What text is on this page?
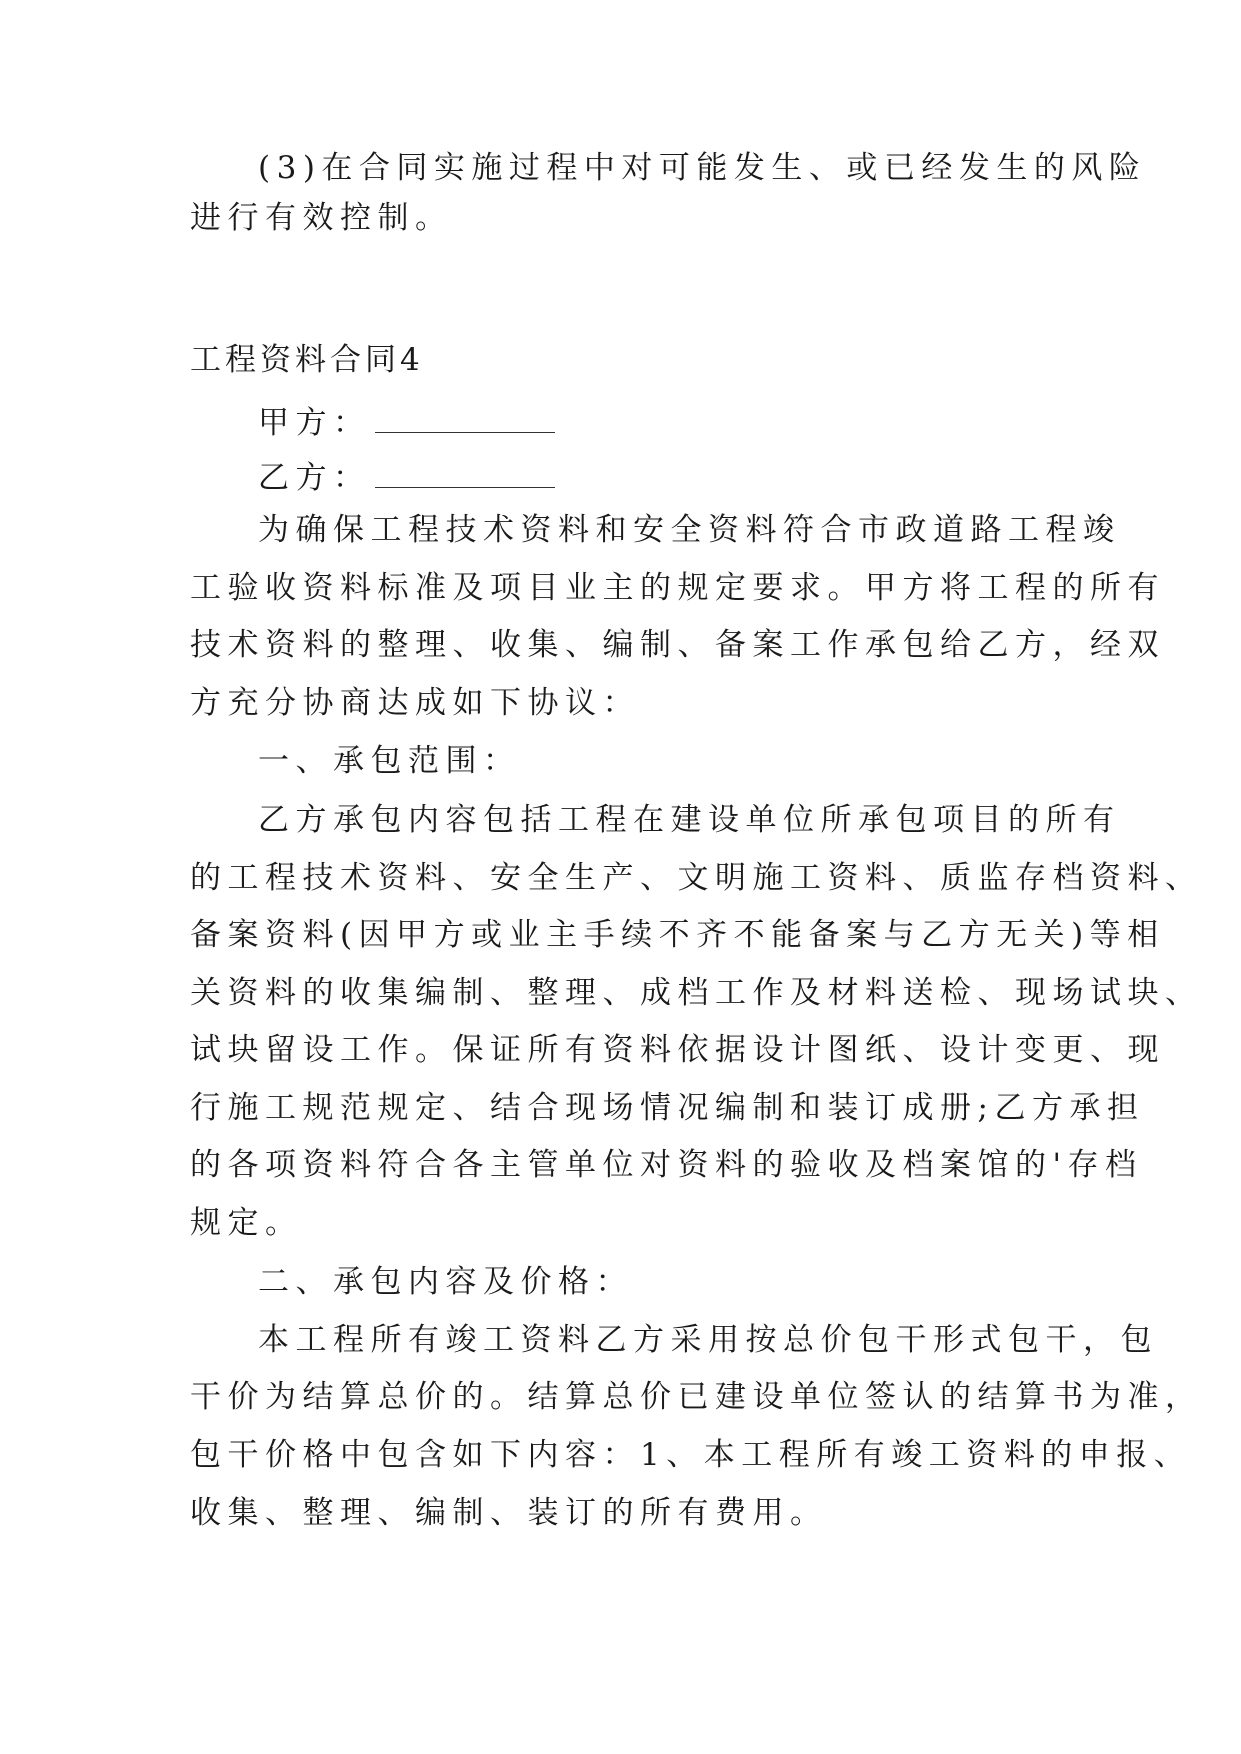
(3)在合同实施过程中对可能发生、或已经发生的风险
进行有效控制。
工程资料合同4
甲方：
乙方：
为确保工程技术资料和安全资料符合市政道路工程竣
工验收资料标准及项目业主的规定要求。甲方将工程的所有
技术资料的整理、收集、编制、备案工作承包给乙方，经双
方充分协商达成如下协议：
一、承包范围：
乙方承包内容包括工程在建设单位所承包项目的所有
的工程技术资料、安全生产、文明施工资料、质监存档资料、
备案资料(因甲方或业主手续不齐不能备案与乙方无关)等相
关资料的收集编制、整理、成档工作及材料送检、现场试块、
试块留设工作。保证所有资料依据设计图纸、设计变更、现
行施工规范规定、结合现场情况编制和装订成册;乙方承担
的各项资料符合各主管单位对资料的验收及档案馆的'存档
规定。
二、承包内容及价格：
本工程所有竣工资料乙方采用按总价包干形式包干，包
干价为结算总价的。结算总价已建设单位签认的结算书为准，
包干价格中包含如下内容：1、本工程所有竣工资料的申报、
收集、整理、编制、装订的所有费用。
